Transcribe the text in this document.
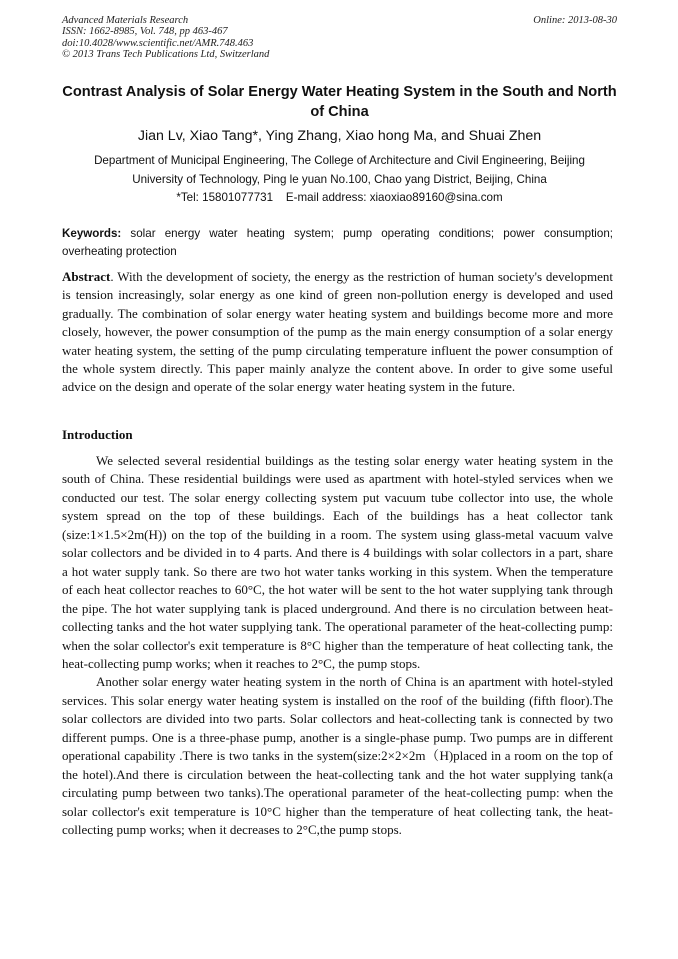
Advanced Materials Research
ISSN: 1662-8985, Vol. 748, pp 463-467
doi:10.4028/www.scientific.net/AMR.748.463
© 2013 Trans Tech Publications Ltd, Switzerland
Online: 2013-08-30
Contrast Analysis of Solar Energy Water Heating System in the South and North of China
Jian Lv, Xiao Tang*, Ying Zhang, Xiao hong Ma, and Shuai Zhen
Department of Municipal Engineering, The College of Architecture and Civil Engineering, Beijing
University of Technology, Ping le yuan No.100, Chao yang District, Beijing, China
*Tel: 15801077731    E-mail address: xiaoxiao89160@sina.com
Keywords: solar energy water heating system; pump operating conditions; power consumption; overheating protection
Abstract. With the development of society, the energy as the restriction of human society's development is tension increasingly, solar energy as one kind of green non-pollution energy is developed and used gradually. The combination of solar energy water heating system and buildings become more and more closely, however, the power consumption of the pump as the main energy consumption of a solar energy water heating system, the setting of the pump circulating temperature influent the power consumption of the whole system directly. This paper mainly analyze the content above. In order to give some useful advice on the design and operate of the solar energy water heating system in the future.
Introduction

We selected several residential buildings as the testing solar energy water heating system in the south of China. These residential buildings were used as apartment with hotel-styled services when we conducted our test. The solar energy collecting system put vacuum tube collector into use, the whole system spread on the top of these buildings. Each of the buildings has a heat collector tank (size:1×1.5×2m(H)) on the top of the building in a room. The system using glass-metal vacuum valve solar collectors and be divided in to 4 parts. And there is 4 buildings with solar collectors in a part, share a hot water supply tank. So there are two hot water tanks working in this system. When the temperature of each heat collector reaches to 60°C, the hot water will be sent to the hot water supplying tank through the pipe. The hot water supplying tank is placed underground. And there is no circulation between heat-collecting tanks and the hot water supplying tank. The operational parameter of the heat-collecting pump: when the solar collector's exit temperature is 8°C higher than the temperature of heat collecting tank, the heat-collecting pump works; when it reaches to 2°C, the pump stops.

Another solar energy water heating system in the north of China is an apartment with hotel-styled services. This solar energy water heating system is installed on the roof of the building (fifth floor).The solar collectors are divided into two parts. Solar collectors and heat-collecting tank is connected by two different pumps. One is a three-phase pump, another is a single-phase pump. Two pumps are in different operational capability .There is two tanks in the system(size:2×2×2m（H)placed in a room on the top of the hotel).And there is circulation between the heat-collecting tank and the hot water supplying tank(a circulating pump between two tanks).The operational parameter of the heat-collecting pump: when the solar collector's exit temperature is 10°C higher than the temperature of heat collecting tank, the heat-collecting pump works; when it decreases to 2°C,the pump stops.
